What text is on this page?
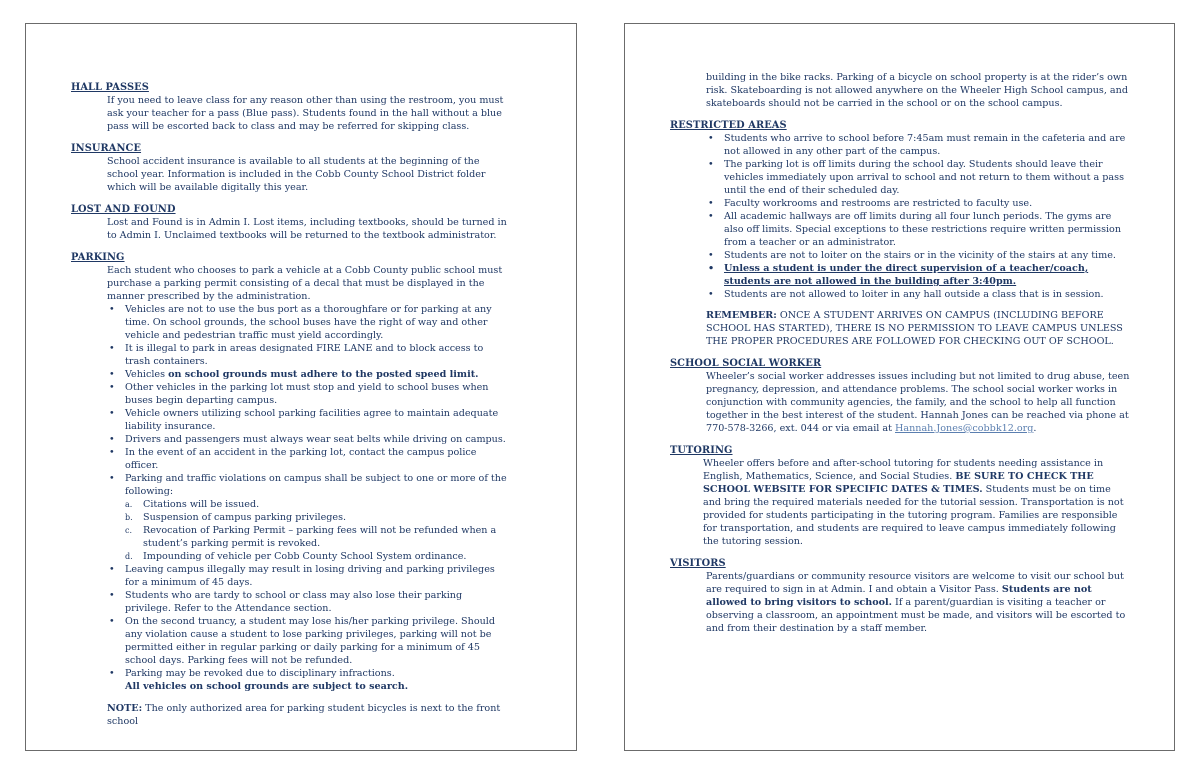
HALL PASSES
If you need to leave class for any reason other than using the restroom, you must ask your teacher for a pass (Blue pass). Students found in the hall without a blue pass will be escorted back to class and may be referred for skipping class.
INSURANCE
School accident insurance is available to all students at the beginning of the school year. Information is included in the Cobb County School District folder which will be available digitally this year.
LOST AND FOUND
Lost and Found is in Admin I. Lost items, including textbooks, should be turned in to Admin I. Unclaimed textbooks will be returned to the textbook administrator.
PARKING
Each student who chooses to park a vehicle at a Cobb County public school must purchase a parking permit consisting of a decal that must be displayed in the manner prescribed by the administration.
• Vehicles are not to use the bus port as a thoroughfare or for parking at any time. On school grounds, the school buses have the right of way and other vehicle and pedestrian traffic must yield accordingly.
• It is illegal to park in areas designated FIRE LANE and to block access to trash containers.
• Vehicles on school grounds must adhere to the posted speed limit.
• Other vehicles in the parking lot must stop and yield to school buses when buses begin departing campus.
• Vehicle owners utilizing school parking facilities agree to maintain adequate liability insurance.
• Drivers and passengers must always wear seat belts while driving on campus.
• In the event of an accident in the parking lot, contact the campus police officer.
• Parking and traffic violations on campus shall be subject to one or more of the following:
a. Citations will be issued.
b. Suspension of campus parking privileges.
c. Revocation of Parking Permit – parking fees will not be refunded when a student’s parking permit is revoked.
d. Impounding of vehicle per Cobb County School System ordinance.
• Leaving campus illegally may result in losing driving and parking privileges for a minimum of 45 days.
• Students who are tardy to school or class may also lose their parking privilege. Refer to the Attendance section.
• On the second truancy, a student may lose his/her parking privilege. Should any violation cause a student to lose parking privileges, parking will not be permitted either in regular parking or daily parking for a minimum of 45 school days. Parking fees will not be refunded.
• Parking may be revoked due to disciplinary infractions.
All vehicles on school grounds are subject to search.
NOTE: The only authorized area for parking student bicycles is next to the front school
building in the bike racks. Parking of a bicycle on school property is at the rider’s own risk. Skateboarding is not allowed anywhere on the Wheeler High School campus, and skateboards should not be carried in the school or on the school campus.
RESTRICTED AREAS
• Students who arrive to school before 7:45am must remain in the cafeteria and are not allowed in any other part of the campus.
• The parking lot is off limits during the school day. Students should leave their vehicles immediately upon arrival to school and not return to them without a pass until the end of their scheduled day.
• Faculty workrooms and restrooms are restricted to faculty use.
• All academic hallways are off limits during all four lunch periods. The gyms are also off limits. Special exceptions to these restrictions require written permission from a teacher or an administrator.
• Students are not to loiter on the stairs or in the vicinity of the stairs at any time.
• Unless a student is under the direct supervision of a teacher/coach, students are not allowed in the building after 3:40pm.
• Students are not allowed to loiter in any hall outside a class that is in session.
REMEMBER: ONCE A STUDENT ARRIVES ON CAMPUS (INCLUDING BEFORE SCHOOL HAS STARTED), THERE IS NO PERMISSION TO LEAVE CAMPUS UNLESS THE PROPER PROCEDURES ARE FOLLOWED FOR CHECKING OUT OF SCHOOL.
SCHOOL SOCIAL WORKER
Wheeler’s social worker addresses issues including but not limited to drug abuse, teen pregnancy, depression, and attendance problems. The school social worker works in conjunction with community agencies, the family, and the school to help all function together in the best interest of the student. Hannah Jones can be reached via phone at 770-578-3266, ext. 044 or via email at Hannah.Jones@cobbk12.org.
TUTORING
Wheeler offers before and after-school tutoring for students needing assistance in English, Mathematics, Science, and Social Studies. BE SURE TO CHECK THE SCHOOL WEBSITE FOR SPECIFIC DATES & TIMES. Students must be on time and bring the required materials needed for the tutorial session. Transportation is not provided for students participating in the tutoring program. Families are responsible for transportation, and students are required to leave campus immediately following the tutoring session.
VISITORS
Parents/guardians or community resource visitors are welcome to visit our school but are required to sign in at Admin. I and obtain a Visitor Pass. Students are not allowed to bring visitors to school. If a parent/guardian is visiting a teacher or observing a classroom, an appointment must be made, and visitors will be escorted to and from their destination by a staff member.
